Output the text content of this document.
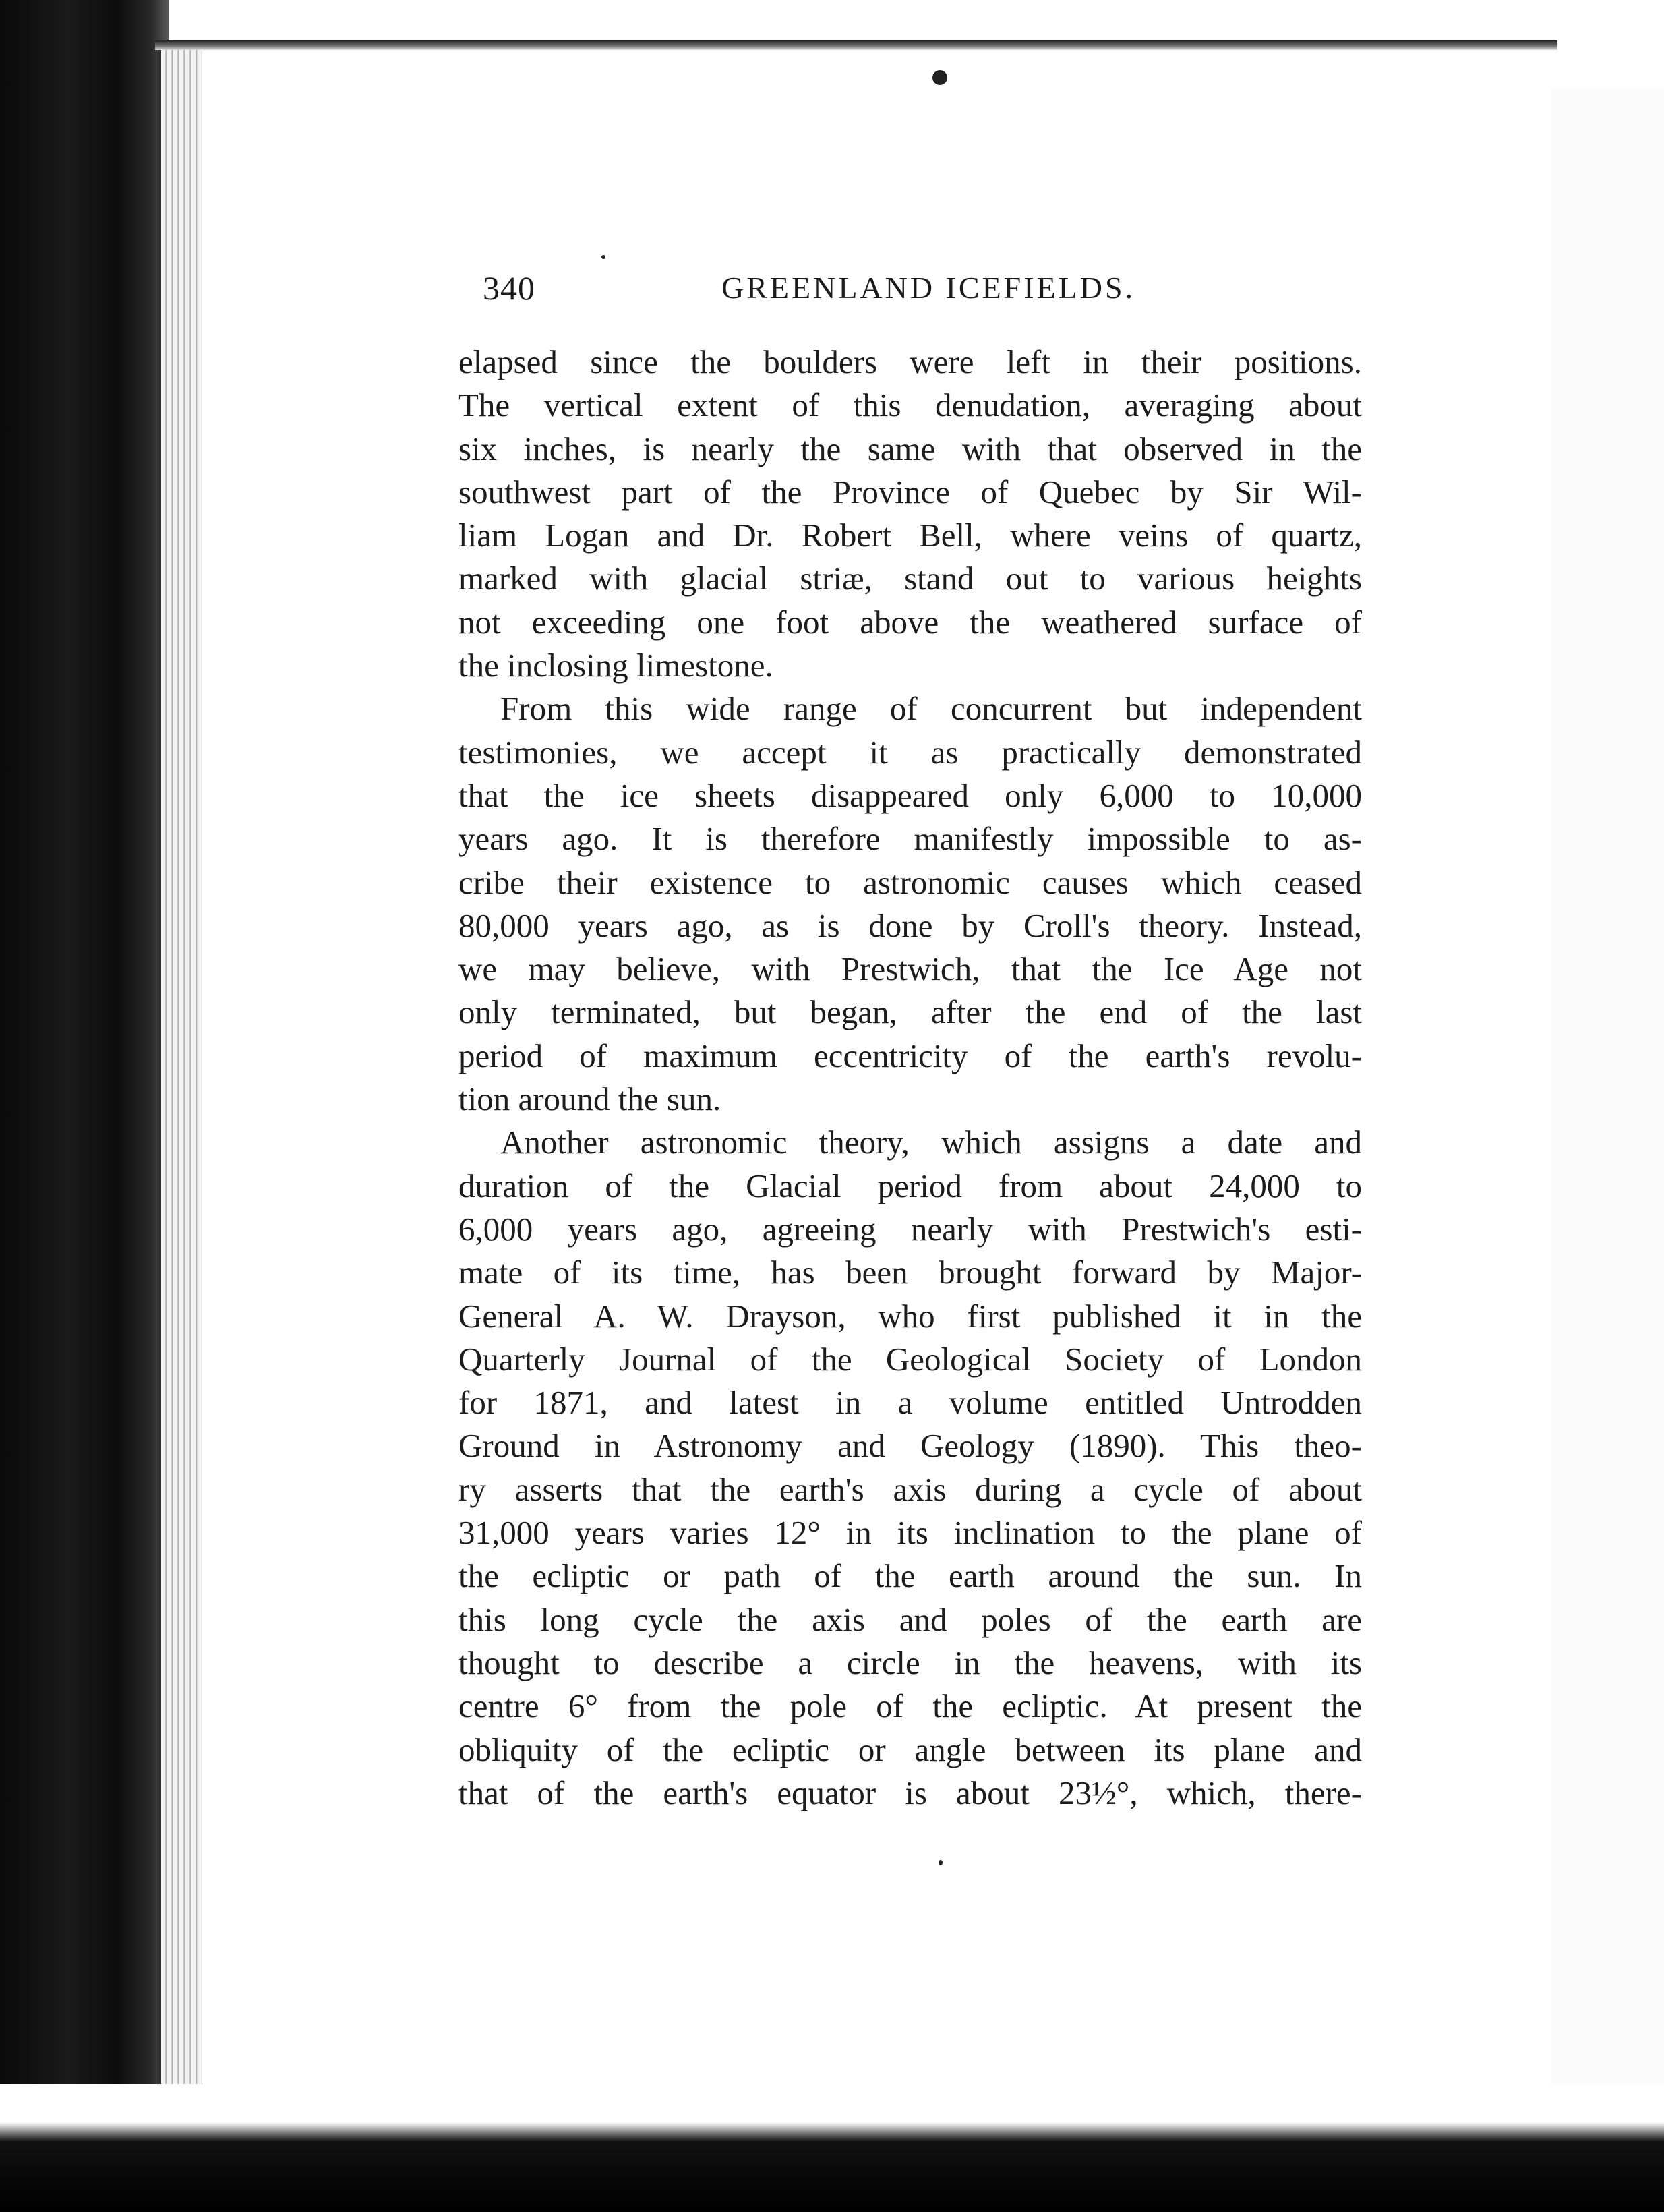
340	GREENLAND ICEFIELDS.
elapsed since the boulders were left in their positions.
The vertical extent of this denudation, averaging about
six inches, is nearly the same with that observed in the
southwest part of the Province of Quebec by Sir Wil-
liam Logan and Dr. Robert Bell, where veins of quartz,
marked with glacial striæ, stand out to various heights
not exceeding one foot above the weathered surface of
the inclosing limestone.
From this wide range of concurrent but independent
testimonies, we accept it as practically demonstrated
that the ice sheets disappeared only 6,000 to 10,000
years ago. It is therefore manifestly impossible to as-
cribe their existence to astronomic causes which ceased
80,000 years ago, as is done by Croll's theory. Instead,
we may believe, with Prestwich, that the Ice Age not
only terminated, but began, after the end of the last
period of maximum eccentricity of the earth's revolu-
tion around the sun.
Another astronomic theory, which assigns a date and
duration of the Glacial period from about 24,000 to
6,000 years ago, agreeing nearly with Prestwich's esti-
mate of its time, has been brought forward by Major-
General A. W. Drayson, who first published it in the
Quarterly Journal of the Geological Society of London
for 1871, and latest in a volume entitled Untrodden
Ground in Astronomy and Geology (1890). This theo-
ry asserts that the earth's axis during a cycle of about
31,000 years varies 12° in its inclination to the plane of
the ecliptic or path of the earth around the sun. In
this long cycle the axis and poles of the earth are
thought to describe a circle in the heavens, with its
centre 6° from the pole of the ecliptic. At present the
obliquity of the ecliptic or angle between its plane and
that of the earth's equator is about 23½°, which, there-
